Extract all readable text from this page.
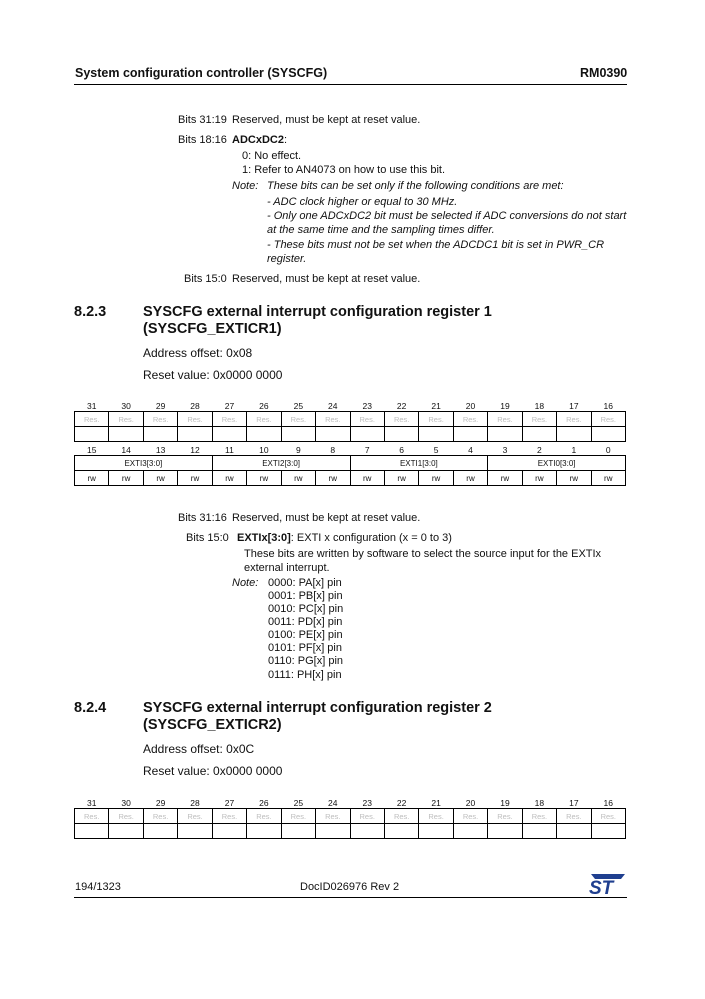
System configuration controller (SYSCFG)	RM0390
Bits 31:19 Reserved, must be kept at reset value.
Bits 18:16 ADCxDC2:
0: No effect.
1: Refer to AN4073 on how to use this bit.
Note: These bits can be set only if the following conditions are met:
- ADC clock higher or equal to 30 MHz.
- Only one ADCxDC2 bit must be selected if ADC conversions do not start
at the same time and the sampling times differ.
- These bits must not be set when the ADCDC1 bit is set in PWR_CR
register.
Bits 15:0 Reserved, must be kept at reset value.
8.2.3	SYSCFG external interrupt configuration register 1
(SYSCFG_EXTICR1)
Address offset: 0x08
Reset value: 0x0000 0000
31	30	29	28	27	26	25	24	23	22	21	20	19	18	17	16
Res.	Res.	Res.	Res.	Res.	Res.	Res.	Res.	Res.	Res.	Res.	Res.	Res.	Res.	Res.	Res.

15	14	13	12	11	10	9	8	7	6	5	4	3	2	1	0
EXTI3[3:0]				EXTI2[3:0]				EXTI1[3:0]				EXTI0[3:0]			
rw	rw	rw	rw	rw	rw	rw	rw	rw	rw	rw	rw	rw	rw	rw	rw
Bits 31:16 Reserved, must be kept at reset value.
Bits 15:0 EXTIx[3:0]: EXTI x configuration (x = 0 to 3)
These bits are written by software to select the source input for the EXTIx
external interrupt.
Note: 0000: PA[x] pin
0001: PB[x] pin
0010: PC[x] pin
0011: PD[x] pin
0100: PE[x] pin
0101: PF[x] pin
0110: PG[x] pin
0111: PH[x] pin
8.2.4	SYSCFG external interrupt configuration register 2
(SYSCFG_EXTICR2)
Address offset: 0x0C
Reset value: 0x0000 0000
31	30	29	28	27	26	25	24	23	22	21	20	19	18	17	16
Res.	Res.	Res.	Res.	Res.	Res.	Res.	Res.	Res.	Res.	Res.	Res.	Res.	Res.	Res.	Res.

194/1323	DocID026976 Rev 2	ST
